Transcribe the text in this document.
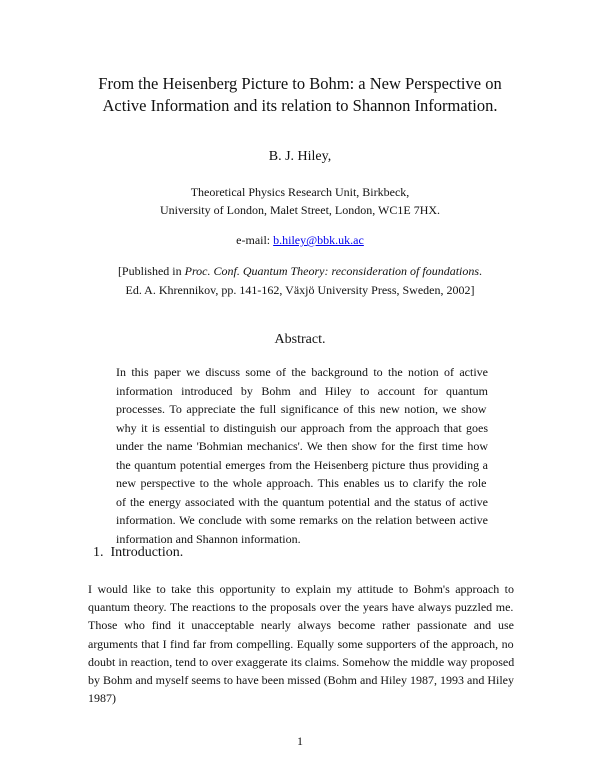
From the Heisenberg Picture to Bohm: a New Perspective on
Active Information and its relation to Shannon Information.
B. J. Hiley,
Theoretical Physics Research Unit, Birkbeck,
University of London, Malet Street, London, WC1E 7HX.
e-mail: b.hiley@bbk.uk.ac
[Published in Proc. Conf. Quantum Theory: reconsideration of foundations.
Ed. A. Khrennikov, pp. 141-162, Växjö University Press, Sweden, 2002]
Abstract.
In this paper we discuss some of the background to the notion of active
information introduced by Bohm and Hiley to account for quantum
processes. To appreciate the full significance of this new notion, we show
why it is essential to distinguish our approach from the approach that goes
under the name 'Bohmian mechanics'. We then show for the first time how
the quantum potential emerges from the Heisenberg picture thus providing a
new perspective to the whole approach. This enables us to clarify the role
of the energy associated with the quantum potential and the status of active
information. We conclude with some remarks on the relation between active
information and Shannon information.
1. Introduction.
I would like to take this opportunity to explain my attitude to Bohm's approach to
quantum theory. The reactions to the proposals over the years have always puzzled me.
Those who find it unacceptable nearly always become rather passionate and use
arguments that I find far from compelling. Equally some supporters of the approach, no
doubt in reaction, tend to over exaggerate its claims. Somehow the middle way proposed
by Bohm and myself seems to have been missed (Bohm and Hiley 1987, 1993 and Hiley
1987)
1
